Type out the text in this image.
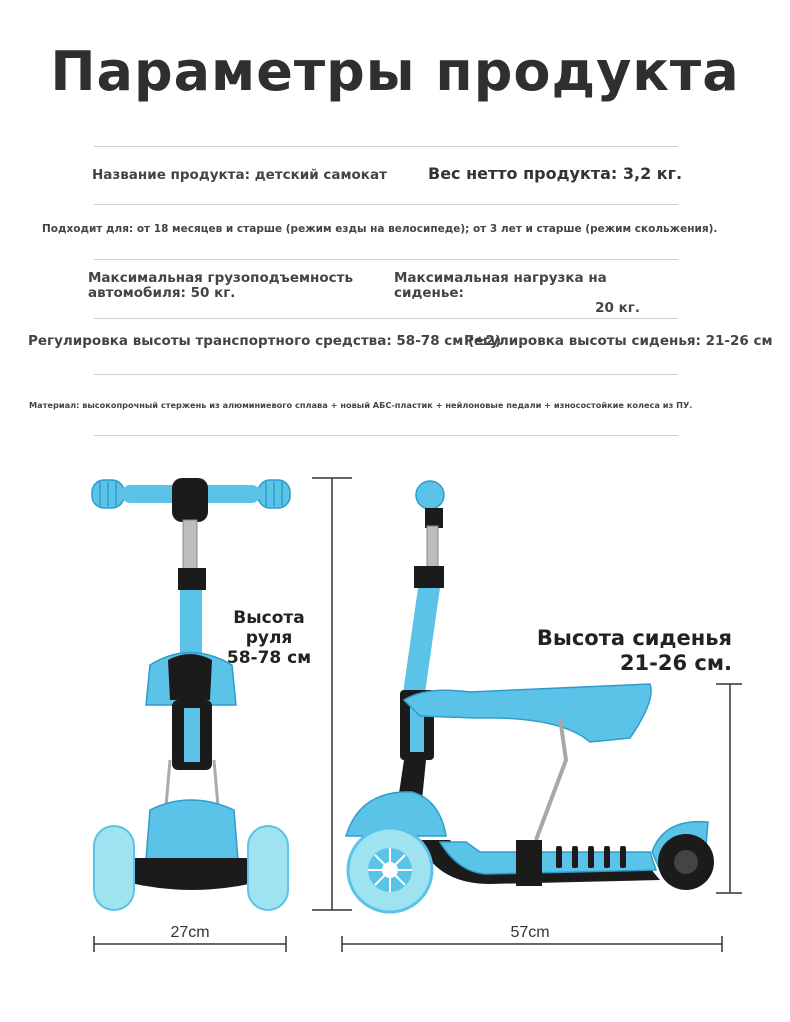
Параметры продукта
Название продукта: детский самокат	Вес нетто продукта: 3,2 кг.
Подходит для: от 18 месяцев и старше (режим езды на велосипеде); от 3 лет и старше (режим скольжения).
Максимальная грузоподъемность
автомобиля: 50 кг.
Максимальная нагрузка на сиденье:
20 кг.
Регулировка высоты транспортного средства: 58-78 см (±2)
Регулировка высоты сиденья: 21-26 см
Материал: высокопрочный стержень из алюминиевого сплава + новый АБС-пластик + нейлоновые педали + износостойкие колеса из ПУ.
Высота руля
58-78 см
Высота сиденья
21-26 см.
27cm	57cm
